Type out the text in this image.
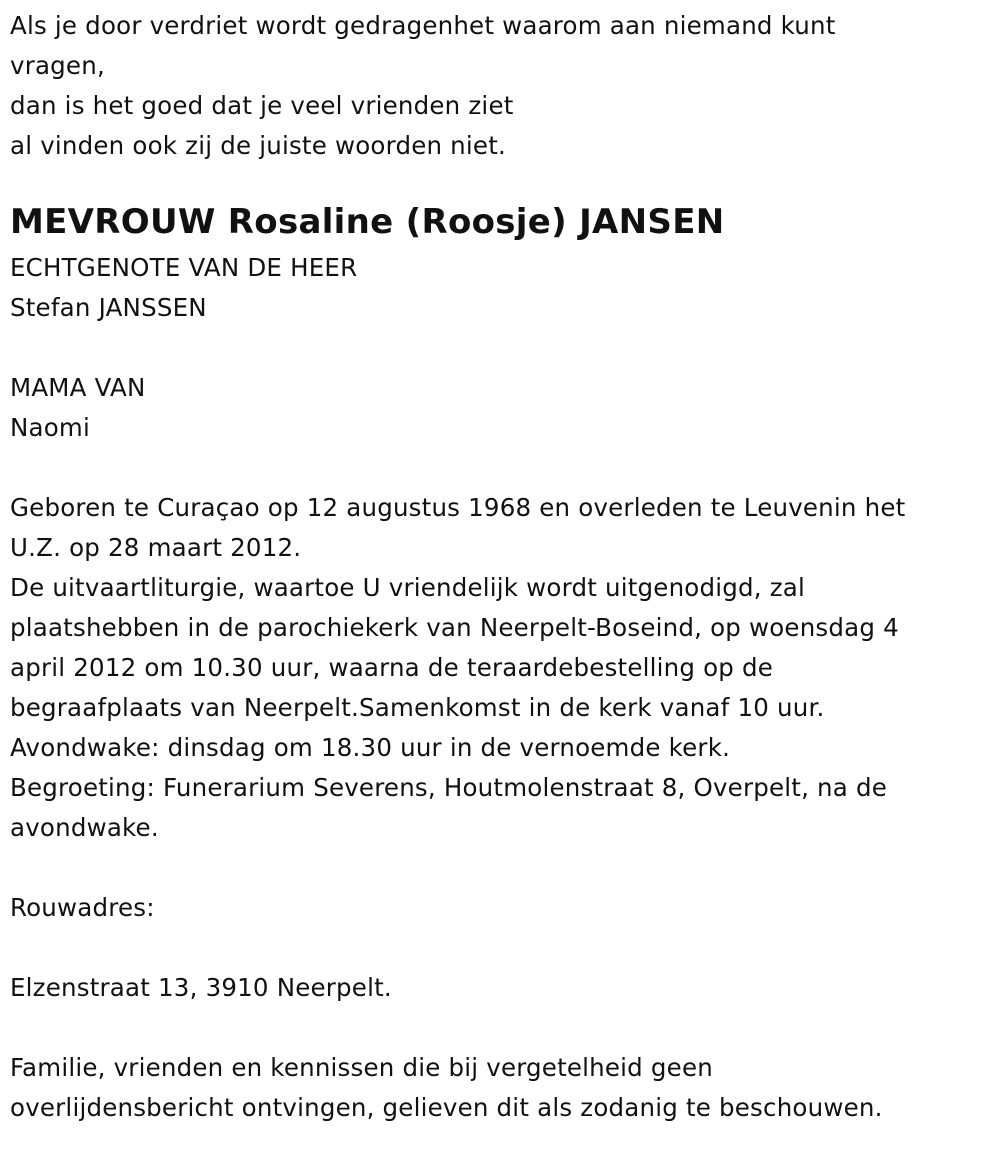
Als je door verdriet wordt gedragenhet waarom aan niemand kunt
vragen,
dan is het goed dat je veel vrienden ziet
al vinden ook zij de juiste woorden niet.
MEVROUW Rosaline (Roosje) JANSEN
ECHTGENOTE VAN DE HEER
Stefan JANSSEN
MAMA VAN
Naomi
Geboren te Curaçao op 12 augustus 1968 en overleden te Leuvenin het
U.Z. op 28 maart 2012.
De uitvaartliturgie, waartoe U vriendelijk wordt uitgenodigd, zal
plaatshebben in de parochiekerk van Neerpelt-Boseind, op woensdag 4
april 2012 om 10.30 uur, waarna de teraardebestelling op de
begraafplaats van Neerpelt.Samenkomst in de kerk vanaf 10 uur.
Avondwake: dinsdag om 18.30 uur in de vernoemde kerk.
Begroeting: Funerarium Severens, Houtmolenstraat 8, Overpelt, na de
avondwake.
Rouwadres:
Elzenstraat 13, 3910 Neerpelt.
Familie, vrienden en kennissen die bij vergetelheid geen
overlijdensbericht ontvingen, gelieven dit als zodanig te beschouwen.
